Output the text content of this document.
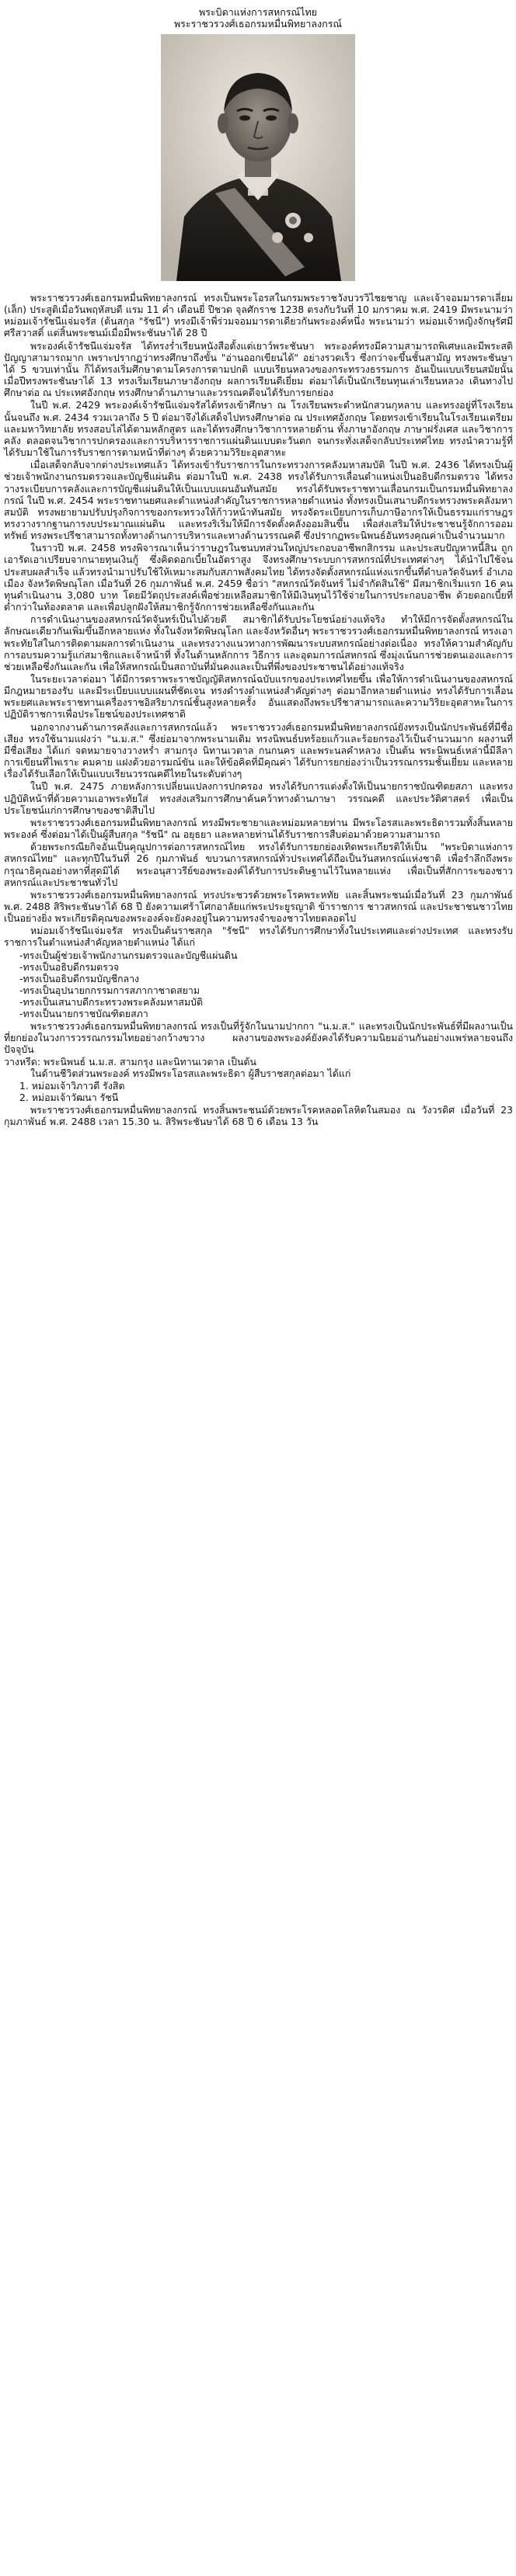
พระบิดาแห่งการสหกรณ์ไทย
พระราชวรวงศ์เธอกรมหมื่นพิทยาลงกรณ์

พระราชวรวงศ์เธอกรมหมื่นพิทยาลงกรณ์ ทรงเป็นพระโอรสในกรมพระราชวังบวรวิไชยชาญ และเจ้าจอมมารดาเลี่ยม (เล็ก) ประสูติเมื่อวันพฤหัสบดี แรม 11 ค่ำ เดือนยี่ ปีชวด จุลศักราช 1238 ตรงกับวันที่ 10 มกราคม พ.ศ. 2419 มีพระนามว่า หม่อมเจ้ารัชนีแจ่มจรัส (ต้นสกุล "รัชนี") ทรงมีเจ้าพี่ร่วมจอมมารดาเดียวกันพระองค์หนึ่ง พระนามว่า หม่อมเจ้าหญิงจักษุรัศมีศรีสวาสดิ์ แต่สิ้นพระชนม์เมื่อมีพระชันษาได้ 28 ปี

พระองค์เจ้ารัชนีแจ่มจรัส ได้ทรงร่ำเรียนหนังสือตั้งแต่เยาว์พระชันษา พระองค์ทรงมีความสามารถพิเศษและมีพระสติปัญญาสามารถมาก เพราะปรากฏว่าทรงศึกษาถึงขั้น "อ่านออกเขียนได้" อย่างรวดเร็ว ซึ่งกว่าจะขึ้นชั้นสามัญ ทรงพระชันษาได้ 5 ขวบเท่านั้น ก็ได้ทรงเริ่มศึกษาตามโครงการตามปกติ แบบเรียนหลวงของกระทรวงธรรมการ อันเป็นแบบเรียนสมัยนั้น เมื่อปีทรงพระชันษาได้ 13 ทรงเริ่มเรียนภาษาอังกฤษ ผลการเรียนดีเยี่ยม ต่อมาได้เป็นนักเรียนทุนเล่าเรียนหลวง เดินทางไปศึกษาต่อ ณ ประเทศอังกฤษ ทรงศึกษาด้านภาษาและวรรณคดีจนได้รับการยกย่อง

ในปี พ.ศ. 2429 พระองค์เจ้ารัชนีแจ่มจรัสได้ทรงเข้าศึกษา ณ โรงเรียนพระตำหนักสวนกุหลาบ และทรงอยู่ที่โรงเรียนนั้นจนถึง พ.ศ. 2434 รวมเวลาถึง 5 ปี ต่อมาจึงได้เสด็จไปทรงศึกษาต่อ ณ ประเทศอังกฤษ โดยทรงเข้าเรียนในโรงเรียนเตรียมและมหาวิทยาลัย ทรงสอบไล่ได้ตามหลักสูตร และได้ทรงศึกษาวิชาการหลายด้าน ทั้งภาษาอังกฤษ ภาษาฝรั่งเศส และวิชาการคลัง ตลอดจนวิชาการปกครองและการบริหารราชการแผ่นดินแบบตะวันตก จนกระทั่งเสด็จกลับประเทศไทย ทรงนำความรู้ที่ได้รับมาใช้ในการรับราชการตามหน้าที่ต่างๆ ด้วยความวิริยะอุตสาหะ

เมื่อเสด็จกลับจากต่างประเทศแล้ว ได้ทรงเข้ารับราชการในกระทรวงการคลังมหาสมบัติ ในปี พ.ศ. 2436 ได้ทรงเป็นผู้ช่วยเจ้าพนักงานกรมตรวจและบัญชีแผ่นดิน ต่อมาในปี พ.ศ. 2438 ทรงได้รับการเลื่อนตำแหน่งเป็นอธิบดีกรมตรวจ ได้ทรงวางระเบียบการคลังและการบัญชีแผ่นดินให้เป็นแบบแผนอันทันสมัย ทรงได้รับพระราชทานเลื่อนกรมเป็นกรมหมื่นพิทยาลงกรณ์ ในปี พ.ศ. 2454 พระราชทานยศและตำแหน่งสำคัญในราชการหลายตำแหน่ง ทั้งทรงเป็นเสนาบดีกระทรวงพระคลังมหาสมบัติ ทรงพยายามปรับปรุงกิจการของกระทรวงให้ก้าวหน้าทันสมัย ทรงจัดระเบียบการเก็บภาษีอากรให้เป็นธรรมแก่ราษฎร ทรงวางรากฐานการงบประมาณแผ่นดิน และทรงริเริ่มให้มีการจัดตั้งคลังออมสินขึ้น เพื่อส่งเสริมให้ประชาชนรู้จักการออมทรัพย์ ทรงพระปรีชาสามารถทั้งทางด้านการบริหารและทางด้านวรรณคดี ซึ่งปรากฏพระนิพนธ์อันทรงคุณค่าเป็นจำนวนมาก

ในราวปี พ.ศ. 2458 ทรงพิจารณาเห็นว่าราษฎรในชนบทส่วนใหญ่ประกอบอาชีพกสิกรรม และประสบปัญหาหนี้สิน ถูกเอารัดเอาเปรียบจากนายทุนเงินกู้ ซึ่งคิดดอกเบี้ยในอัตราสูง จึงทรงศึกษาระบบการสหกรณ์ที่ประเทศต่างๆ ได้นำไปใช้จนประสบผลสำเร็จ แล้วทรงนำมาปรับใช้ให้เหมาะสมกับสภาพสังคมไทย ได้ทรงจัดตั้งสหกรณ์แห่งแรกขึ้นที่ตำบลวัดจันทร์ อำเภอเมือง จังหวัดพิษณุโลก เมื่อวันที่ 26 กุมภาพันธ์ พ.ศ. 2459 ชื่อว่า "สหกรณ์วัดจันทร์ ไม่จำกัดสินใช้" มีสมาชิกเริ่มแรก 16 คน ทุนดำเนินงาน 3,080 บาท โดยมีวัตถุประสงค์เพื่อช่วยเหลือสมาชิกให้มีเงินทุนไว้ใช้จ่ายในการประกอบอาชีพ ด้วยดอกเบี้ยที่ต่ำกว่าในท้องตลาด และเพื่อปลูกฝังให้สมาชิกรู้จักการช่วยเหลือซึ่งกันและกัน

การดำเนินงานของสหกรณ์วัดจันทร์เป็นไปด้วยดี สมาชิกได้รับประโยชน์อย่างแท้จริง ทำให้มีการจัดตั้งสหกรณ์ในลักษณะเดียวกันเพิ่มขึ้นอีกหลายแห่ง ทั้งในจังหวัดพิษณุโลก และจังหวัดอื่นๆ พระราชวรวงศ์เธอกรมหมื่นพิทยาลงกรณ์ ทรงเอาพระทัยใส่ในการติดตามผลการดำเนินงาน และทรงวางแนวทางการพัฒนาระบบสหกรณ์อย่างต่อเนื่อง ทรงให้ความสำคัญกับการอบรมความรู้แก่สมาชิกและเจ้าหน้าที่ ทั้งในด้านหลักการ วิธีการ และอุดมการณ์สหกรณ์ ซึ่งมุ่งเน้นการช่วยตนเองและการช่วยเหลือซึ่งกันและกัน เพื่อให้สหกรณ์เป็นสถาบันที่มั่นคงและเป็นที่พึ่งของประชาชนได้อย่างแท้จริง

ในระยะเวลาต่อมา ได้มีการตราพระราชบัญญัติสหกรณ์ฉบับแรกของประเทศไทยขึ้น เพื่อให้การดำเนินงานของสหกรณ์มีกฎหมายรองรับ และมีระเบียบแบบแผนที่ชัดเจน ทรงดำรงตำแหน่งสำคัญต่างๆ ต่อมาอีกหลายตำแหน่ง ทรงได้รับการเลื่อนพระยศและพระราชทานเครื่องราชอิสริยาภรณ์ชั้นสูงหลายครั้ง อันแสดงถึงพระปรีชาสามารถและความวิริยะอุตสาหะในการปฏิบัติราชการเพื่อประโยชน์ของประเทศชาติ

นอกจากงานด้านการคลังและการสหกรณ์แล้ว พระราชวรวงศ์เธอกรมหมื่นพิทยาลงกรณ์ยังทรงเป็นนักประพันธ์ที่มีชื่อเสียง ทรงใช้นามแฝงว่า "น.ม.ส." ซึ่งย่อมาจากพระนามเดิม ทรงนิพนธ์บทร้อยแก้วและร้อยกรองไว้เป็นจำนวนมาก ผลงานที่มีชื่อเสียง ได้แก่ จดหมายจางวางหร่ำ สามกรุง นิทานเวตาล กนกนคร และพระนลคำหลวง เป็นต้น พระนิพนธ์เหล่านี้มีลีลาการเขียนที่ไพเราะ คมคาย แฝงด้วยอารมณ์ขัน และให้ข้อคิดที่มีคุณค่า ได้รับการยกย่องว่าเป็นวรรณกรรมชั้นเยี่ยม และหลายเรื่องได้รับเลือกให้เป็นแบบเรียนวรรณคดีไทยในระดับต่างๆ

ในปี พ.ศ. 2475 ภายหลังการเปลี่ยนแปลงการปกครอง ทรงได้รับการแต่งตั้งให้เป็นนายกราชบัณฑิตยสภา และทรงปฏิบัติหน้าที่ด้วยความเอาพระทัยใส่ ทรงส่งเสริมการศึกษาค้นคว้าทางด้านภาษา วรรณคดี และประวัติศาสตร์ เพื่อเป็นประโยชน์แก่การศึกษาของชาติสืบไป

พระราชวรวงศ์เธอกรมหมื่นพิทยาลงกรณ์ ทรงมีพระชายาและหม่อมหลายท่าน มีพระโอรสและพระธิดารวมทั้งสิ้นหลายพระองค์ ซึ่งต่อมาได้เป็นผู้สืบสกุล "รัชนี" ณ อยุธยา และหลายท่านได้รับราชการสืบต่อมาด้วยความสามารถ

ด้วยพระกรณียกิจอันเป็นคุณูปการต่อการสหกรณ์ไทย ทรงได้รับการยกย่องเทิดพระเกียรติให้เป็น "พระบิดาแห่งการสหกรณ์ไทย" และทุกปีในวันที่ 26 กุมภาพันธ์ ขบวนการสหกรณ์ทั่วประเทศได้ถือเป็นวันสหกรณ์แห่งชาติ เพื่อรำลึกถึงพระกรุณาธิคุณอย่างหาที่สุดมิได้ พระอนุสาวรีย์ของพระองค์ได้รับการประดิษฐานไว้ในหลายแห่ง เพื่อเป็นที่สักการะของชาวสหกรณ์และประชาชนทั่วไป

พระราชวรวงศ์เธอกรมหมื่นพิทยาลงกรณ์ ทรงประชวรด้วยพระโรคพระหทัย และสิ้นพระชนม์เมื่อวันที่ 23 กุมภาพันธ์ พ.ศ. 2488 สิริพระชันษาได้ 68 ปี ยังความเศร้าโศกอาลัยแก่พระประยูรญาติ ข้าราชการ ชาวสหกรณ์ และประชาชนชาวไทยเป็นอย่างยิ่ง พระเกียรติคุณของพระองค์จะยังคงอยู่ในความทรงจำของชาวไทยตลอดไป

หม่อมเจ้ารัชนีแจ่มจรัส ทรงเป็นต้นราชสกุล "รัชนี" ทรงได้รับการศึกษาทั้งในประเทศและต่างประเทศ และทรงรับราชการในตำแหน่งสำคัญหลายตำแหน่ง ได้แก่

-ทรงเป็นผู้ช่วยเจ้าพนักงานกรมตรวจและบัญชีแผ่นดิน

-ทรงเป็นอธิบดีกรมตรวจ

-ทรงเป็นอธิบดีกรมบัญชีกลาง

-ทรงเป็นอุปนายกกรรมการสภากาชาดสยาม

-ทรงเป็นเสนาบดีกระทรวงพระคลังมหาสมบัติ

-ทรงเป็นนายกราชบัณฑิตยสภา

พระราชวรวงศ์เธอกรมหมื่นพิทยาลงกรณ์ ทรงเป็นที่รู้จักในนามปากกา "น.ม.ส." และทรงเป็นนักประพันธ์ที่มีผลงานเป็นที่ยกย่องในวงการวรรณกรรมไทยอย่างกว้างขวาง ผลงานของพระองค์ยังคงได้รับความนิยมอ่านกันอย่างแพร่หลายจนถึงปัจจุบัน

วางหรีด: พระนิพนธ์ น.ม.ส. สามกรุง และนิทานเวตาล เป็นต้น

ในด้านชีวิตส่วนพระองค์ ทรงมีพระโอรสและพระธิดา ผู้สืบราชสกุลต่อมา ได้แก่

1. หม่อมเจ้าวิภาวดี รังสิต

2. หม่อมเจ้าวัฒนา รัชนี

พระราชวรวงศ์เธอกรมหมื่นพิทยาลงกรณ์ ทรงสิ้นพระชนม์ด้วยพระโรคหลอดโลหิตในสมอง ณ วังวรดิศ เมื่อวันที่ 23 กุมภาพันธ์ พ.ศ. 2488 เวลา 15.30 น. สิริพระชันษาได้ 68 ปี 6 เดือน 13 วัน
